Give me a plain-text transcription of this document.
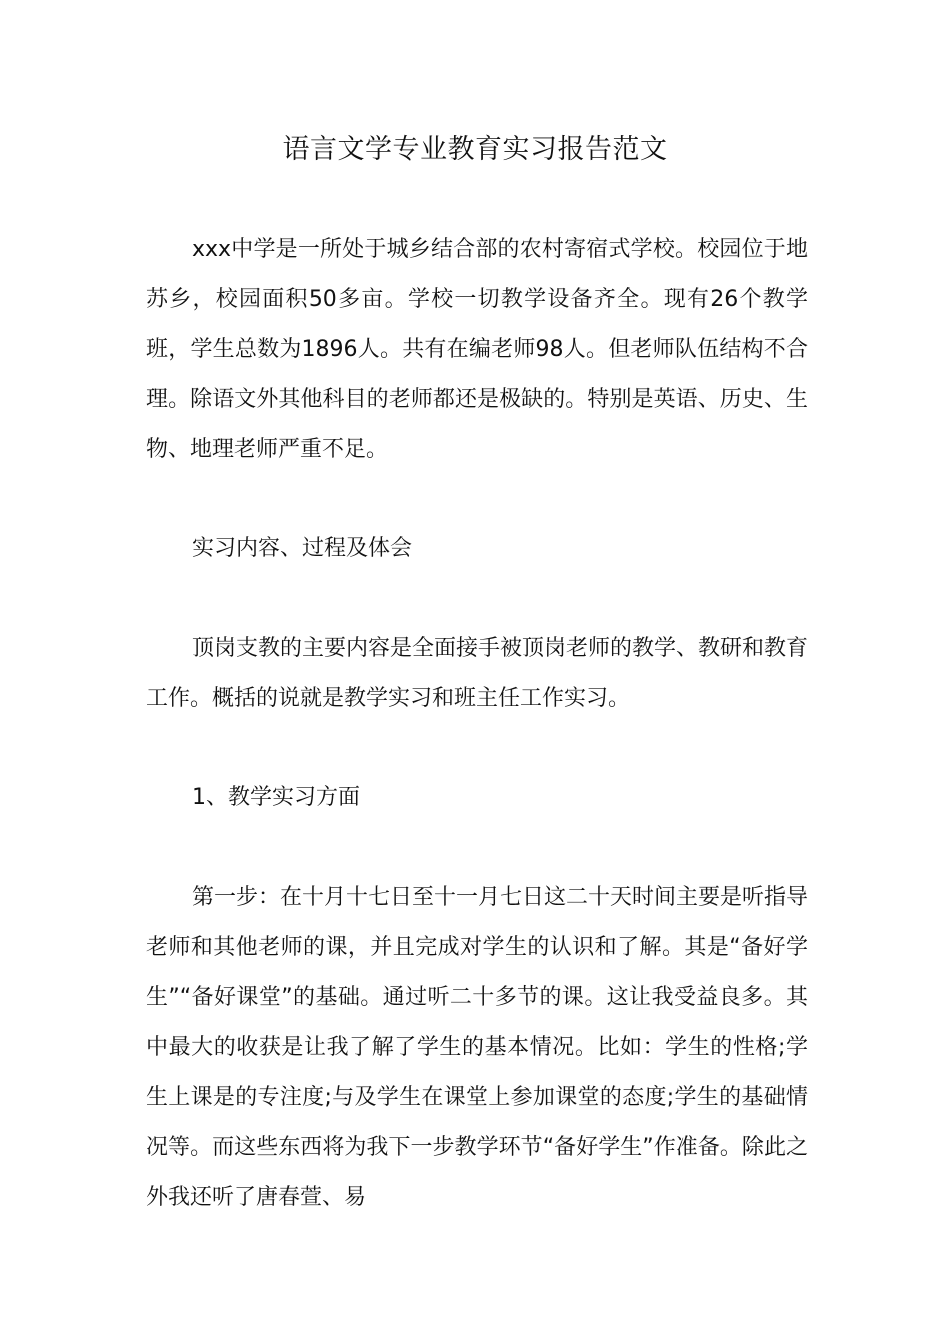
语言文学专业教育实习报告范文

xxx中学是一所处于城乡结合部的农村寄宿式学校。校园位于地苏乡，校园面积50多亩。学校一切教学设备齐全。现有26个教学班，学生总数为1896人。共有在编老师98人。但老师队伍结构不合理。除语文外其他科目的老师都还是极缺的。特别是英语、历史、生物、地理老师严重不足。

实习内容、过程及体会

顶岗支教的主要内容是全面接手被顶岗老师的教学、教研和教育工作。概括的说就是教学实习和班主任工作实习。

1、教学实习方面

第一步：在十月十七日至十一月七日这二十天时间主要是听指导老师和其他老师的课，并且完成对学生的认识和了解。其是“备好学生”“备好课堂”的基础。通过听二十多节的课。这让我受益良多。其中最大的收获是让我了解了学生的基本情况。比如：学生的性格;学生上课是的专注度;与及学生在课堂上参加课堂的态度;学生的基础情况等。而这些东西将为我下一步教学环节“备好学生”作准备。除此之外我还听了唐春萱、易
